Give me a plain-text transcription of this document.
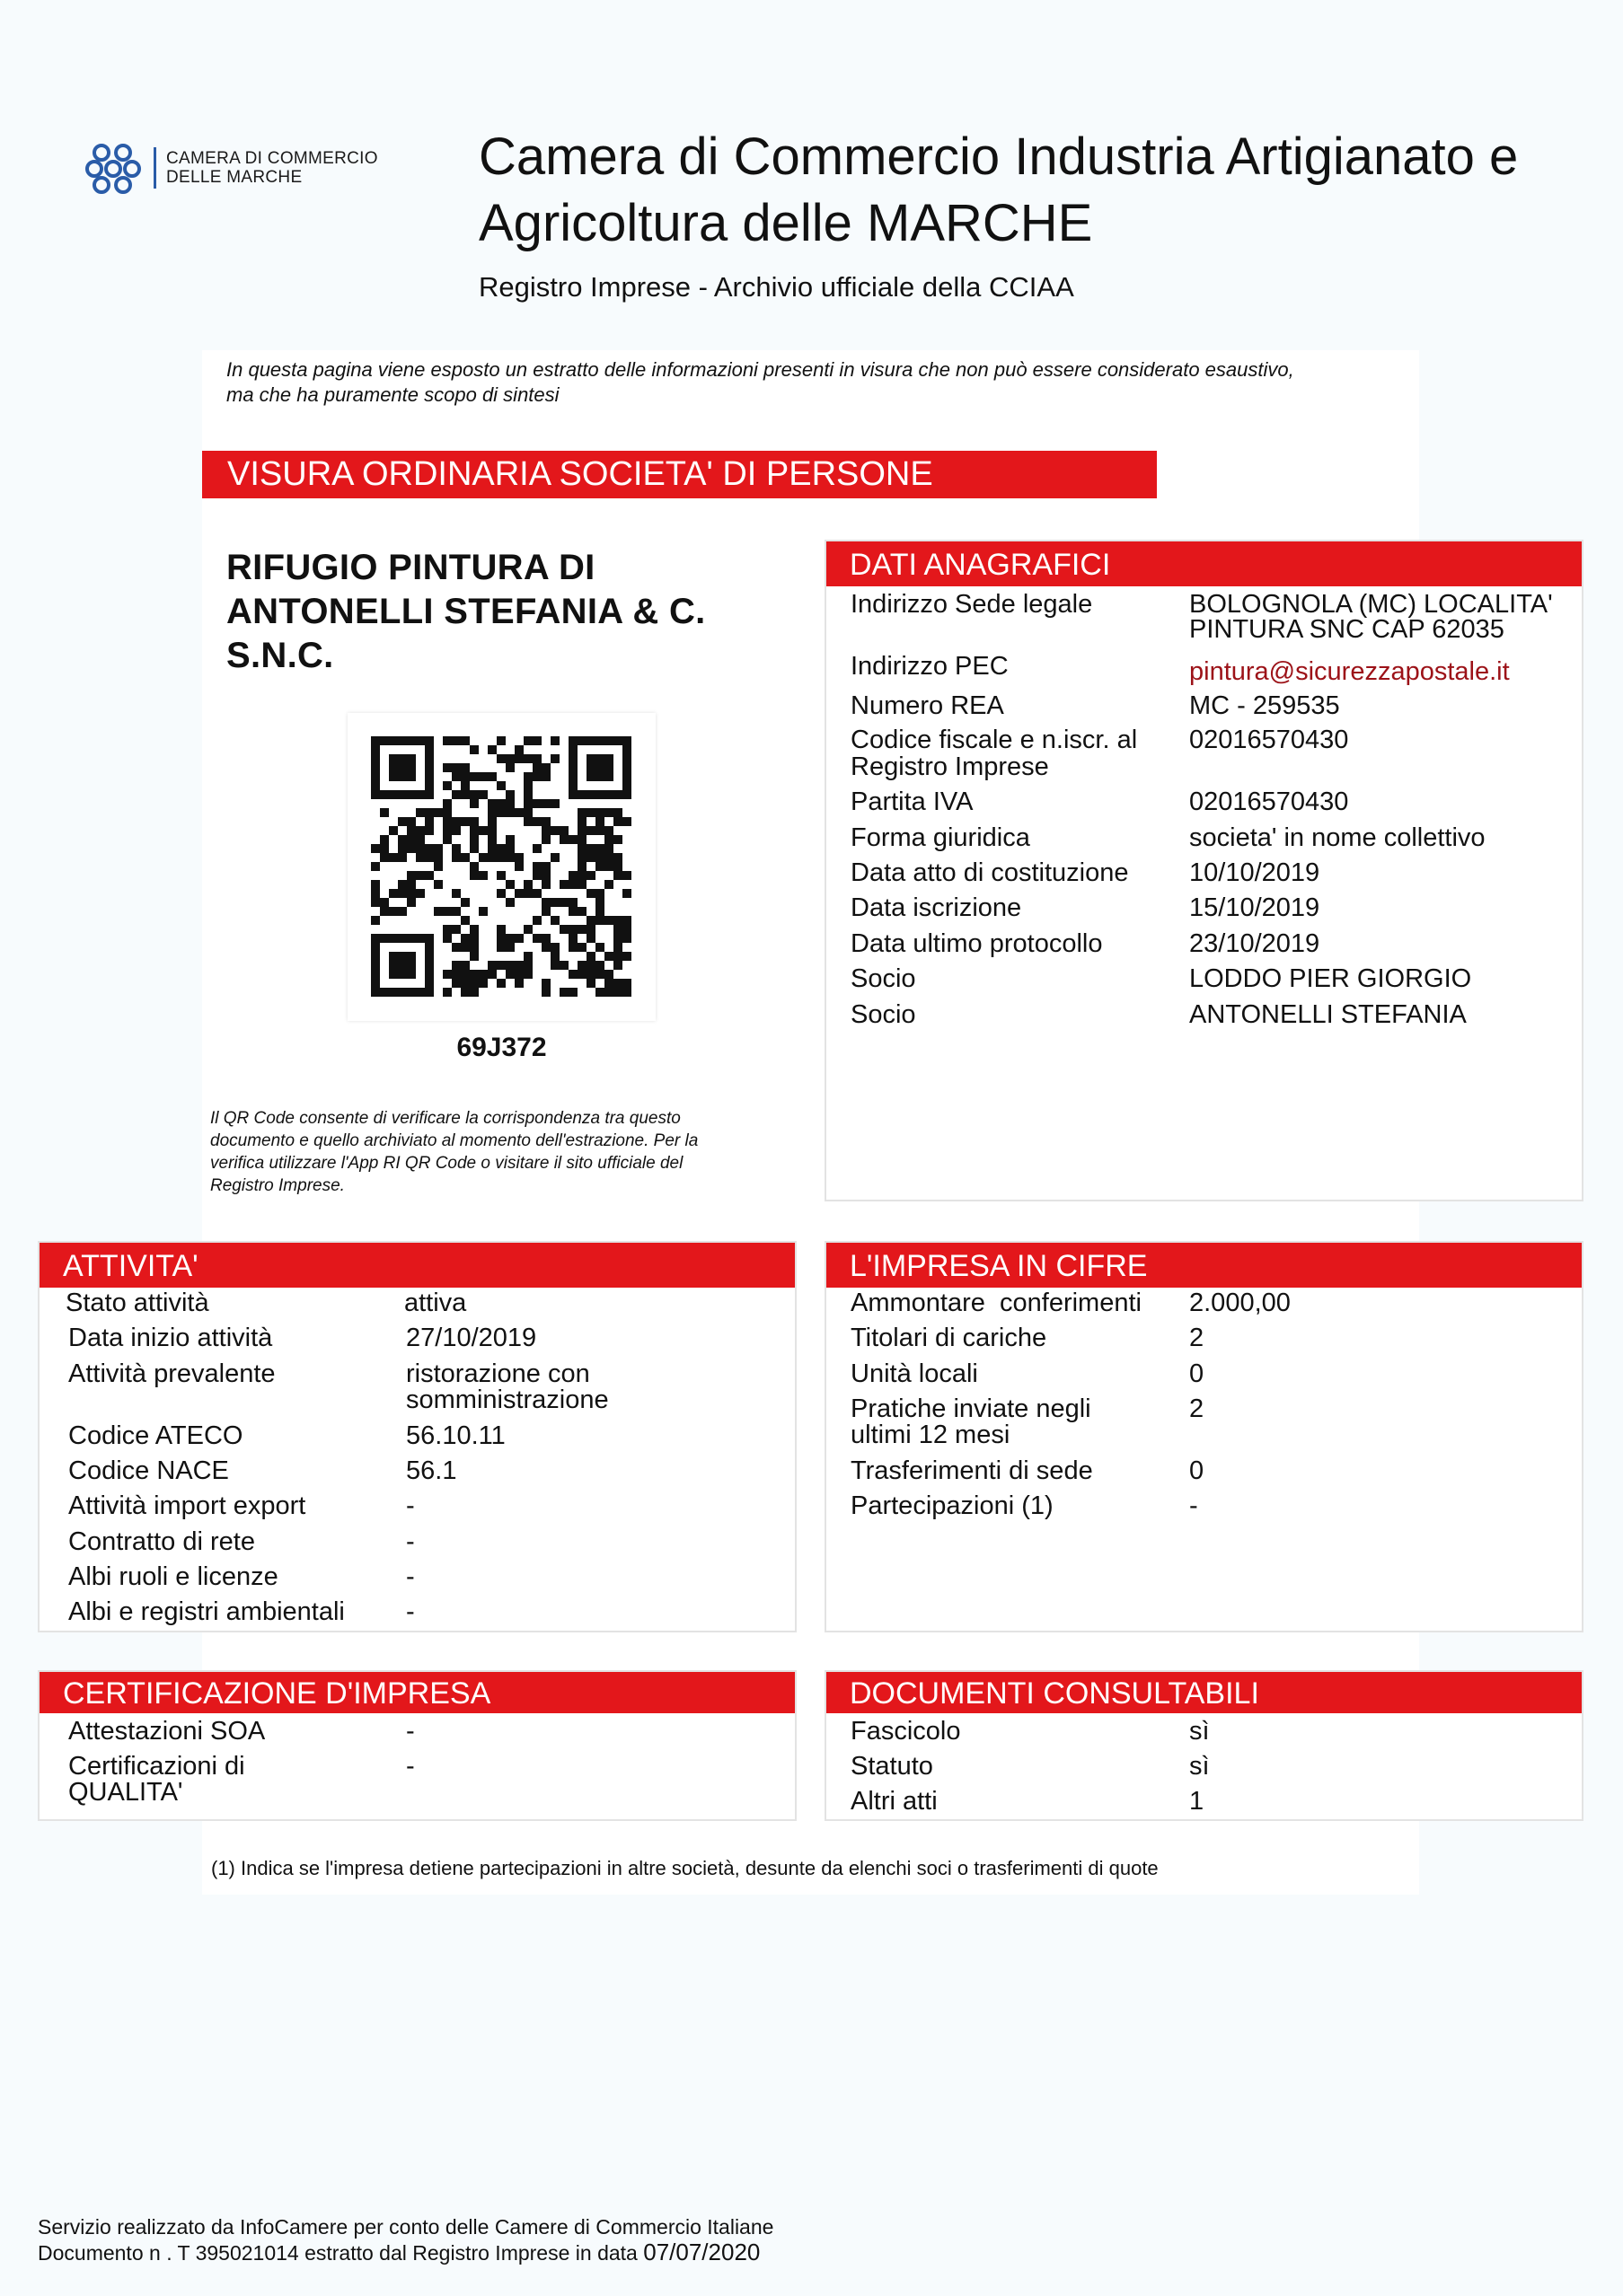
CAMERA DI COMMERCIO
DELLE MARCHE	Camera di Commercio Industria Artigianato e
Agricoltura delle MARCHE
Registro Imprese - Archivio ufficiale della CCIAA
In questa pagina viene esposto un estratto delle informazioni presenti in visura che non può essere considerato esaustivo,
ma che ha puramente scopo di sintesi
VISURA ORDINARIA SOCIETA' DI PERSONE
RIFUGIO PINTURA DI
ANTONELLI STEFANIA & C.
S.N.C.
69J372
Il QR Code consente di verificare la corrispondenza tra questo
documento e quello archiviato al momento dell'estrazione. Per la
verifica utilizzare l'App RI QR Code o visitare il sito ufficiale del
Registro Imprese.
DATI ANAGRAFICI
Indirizzo Sede legale	BOLOGNOLA (MC) LOCALITA'
PINTURA SNC CAP 62035
Indirizzo PEC	pintura@sicurezzapostale.it
Numero REA	MC - 259535
Codice fiscale e n.iscr. al
Registro Imprese
02016570430
Partita IVA	02016570430
Forma giuridica	societa' in nome collettivo
Data atto di costituzione 10/10/2019
Data iscrizione	15/10/2019
Data ultimo protocollo	23/10/2019
Socio	LODDO PIER GIORGIO
Socio	ANTONELLI STEFANIA
ATTIVITA'
Stato attività	attiva
Data inizio attività	27/10/2019
Attività prevalente	ristorazione con
somministrazione
Codice ATECO	56.10.11
Codice NACE	56.1
Attività import export	-
Contratto di rete	-
Albi ruoli e licenze	-
Albi e registri ambientali -
L'IMPRESA IN CIFRE
Ammontare  conferimenti 2.000,00
Titolari di cariche	2
Unità locali	0
Pratiche inviate negli
ultimi 12 mesi
2
Trasferimenti di sede	0
Partecipazioni (1)	-
CERTIFICAZIONE D'IMPRESA
Attestazioni SOA	-
Certificazioni di
QUALITA'
-
DOCUMENTI CONSULTABILI
Fascicolo	sì
Statuto	sì
Altri atti	1
(1) Indica se l'impresa detiene partecipazioni in altre società, desunte da elenchi soci o trasferimenti di quote
Servizio realizzato da InfoCamere per conto delle Camere di Commercio Italiane
Documento n . T 395021014 estratto dal Registro Imprese in data 07/07/2020
